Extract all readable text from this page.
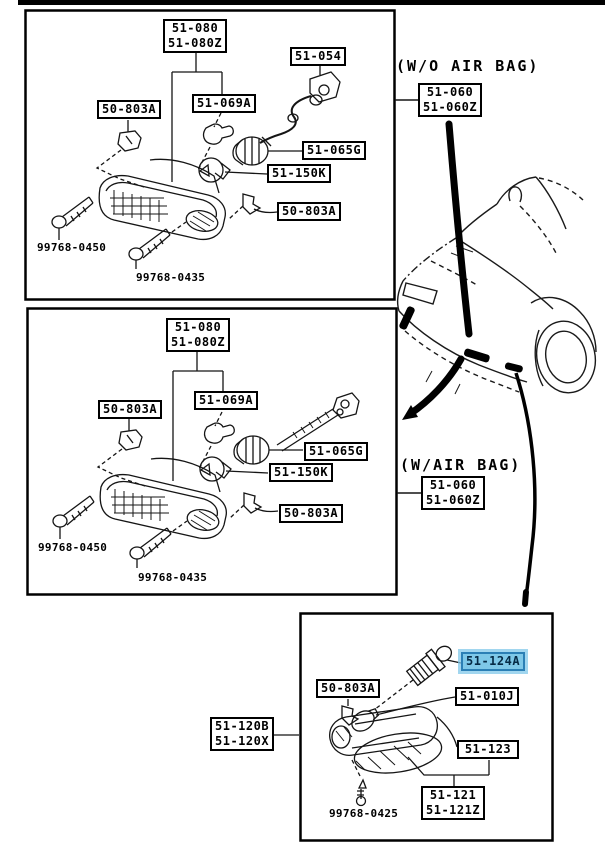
51-080
51-080Z
51-054
50-803A	51-069A
51-065G
51-150K
50-803A
99768-0450
99768-0435
(W/O AIR BAG)
51-060
51-060Z
51-080
51-080Z
50-803A
51-069A
51-065G
51-150K
50-803A
99768-0450
99768-0435
(W/AIR BAG)
51-060
51-060Z
51-120B
51-120X
51-124A
50-803A
51-010J
51-123
51-121
51-121Z
99768-0425
